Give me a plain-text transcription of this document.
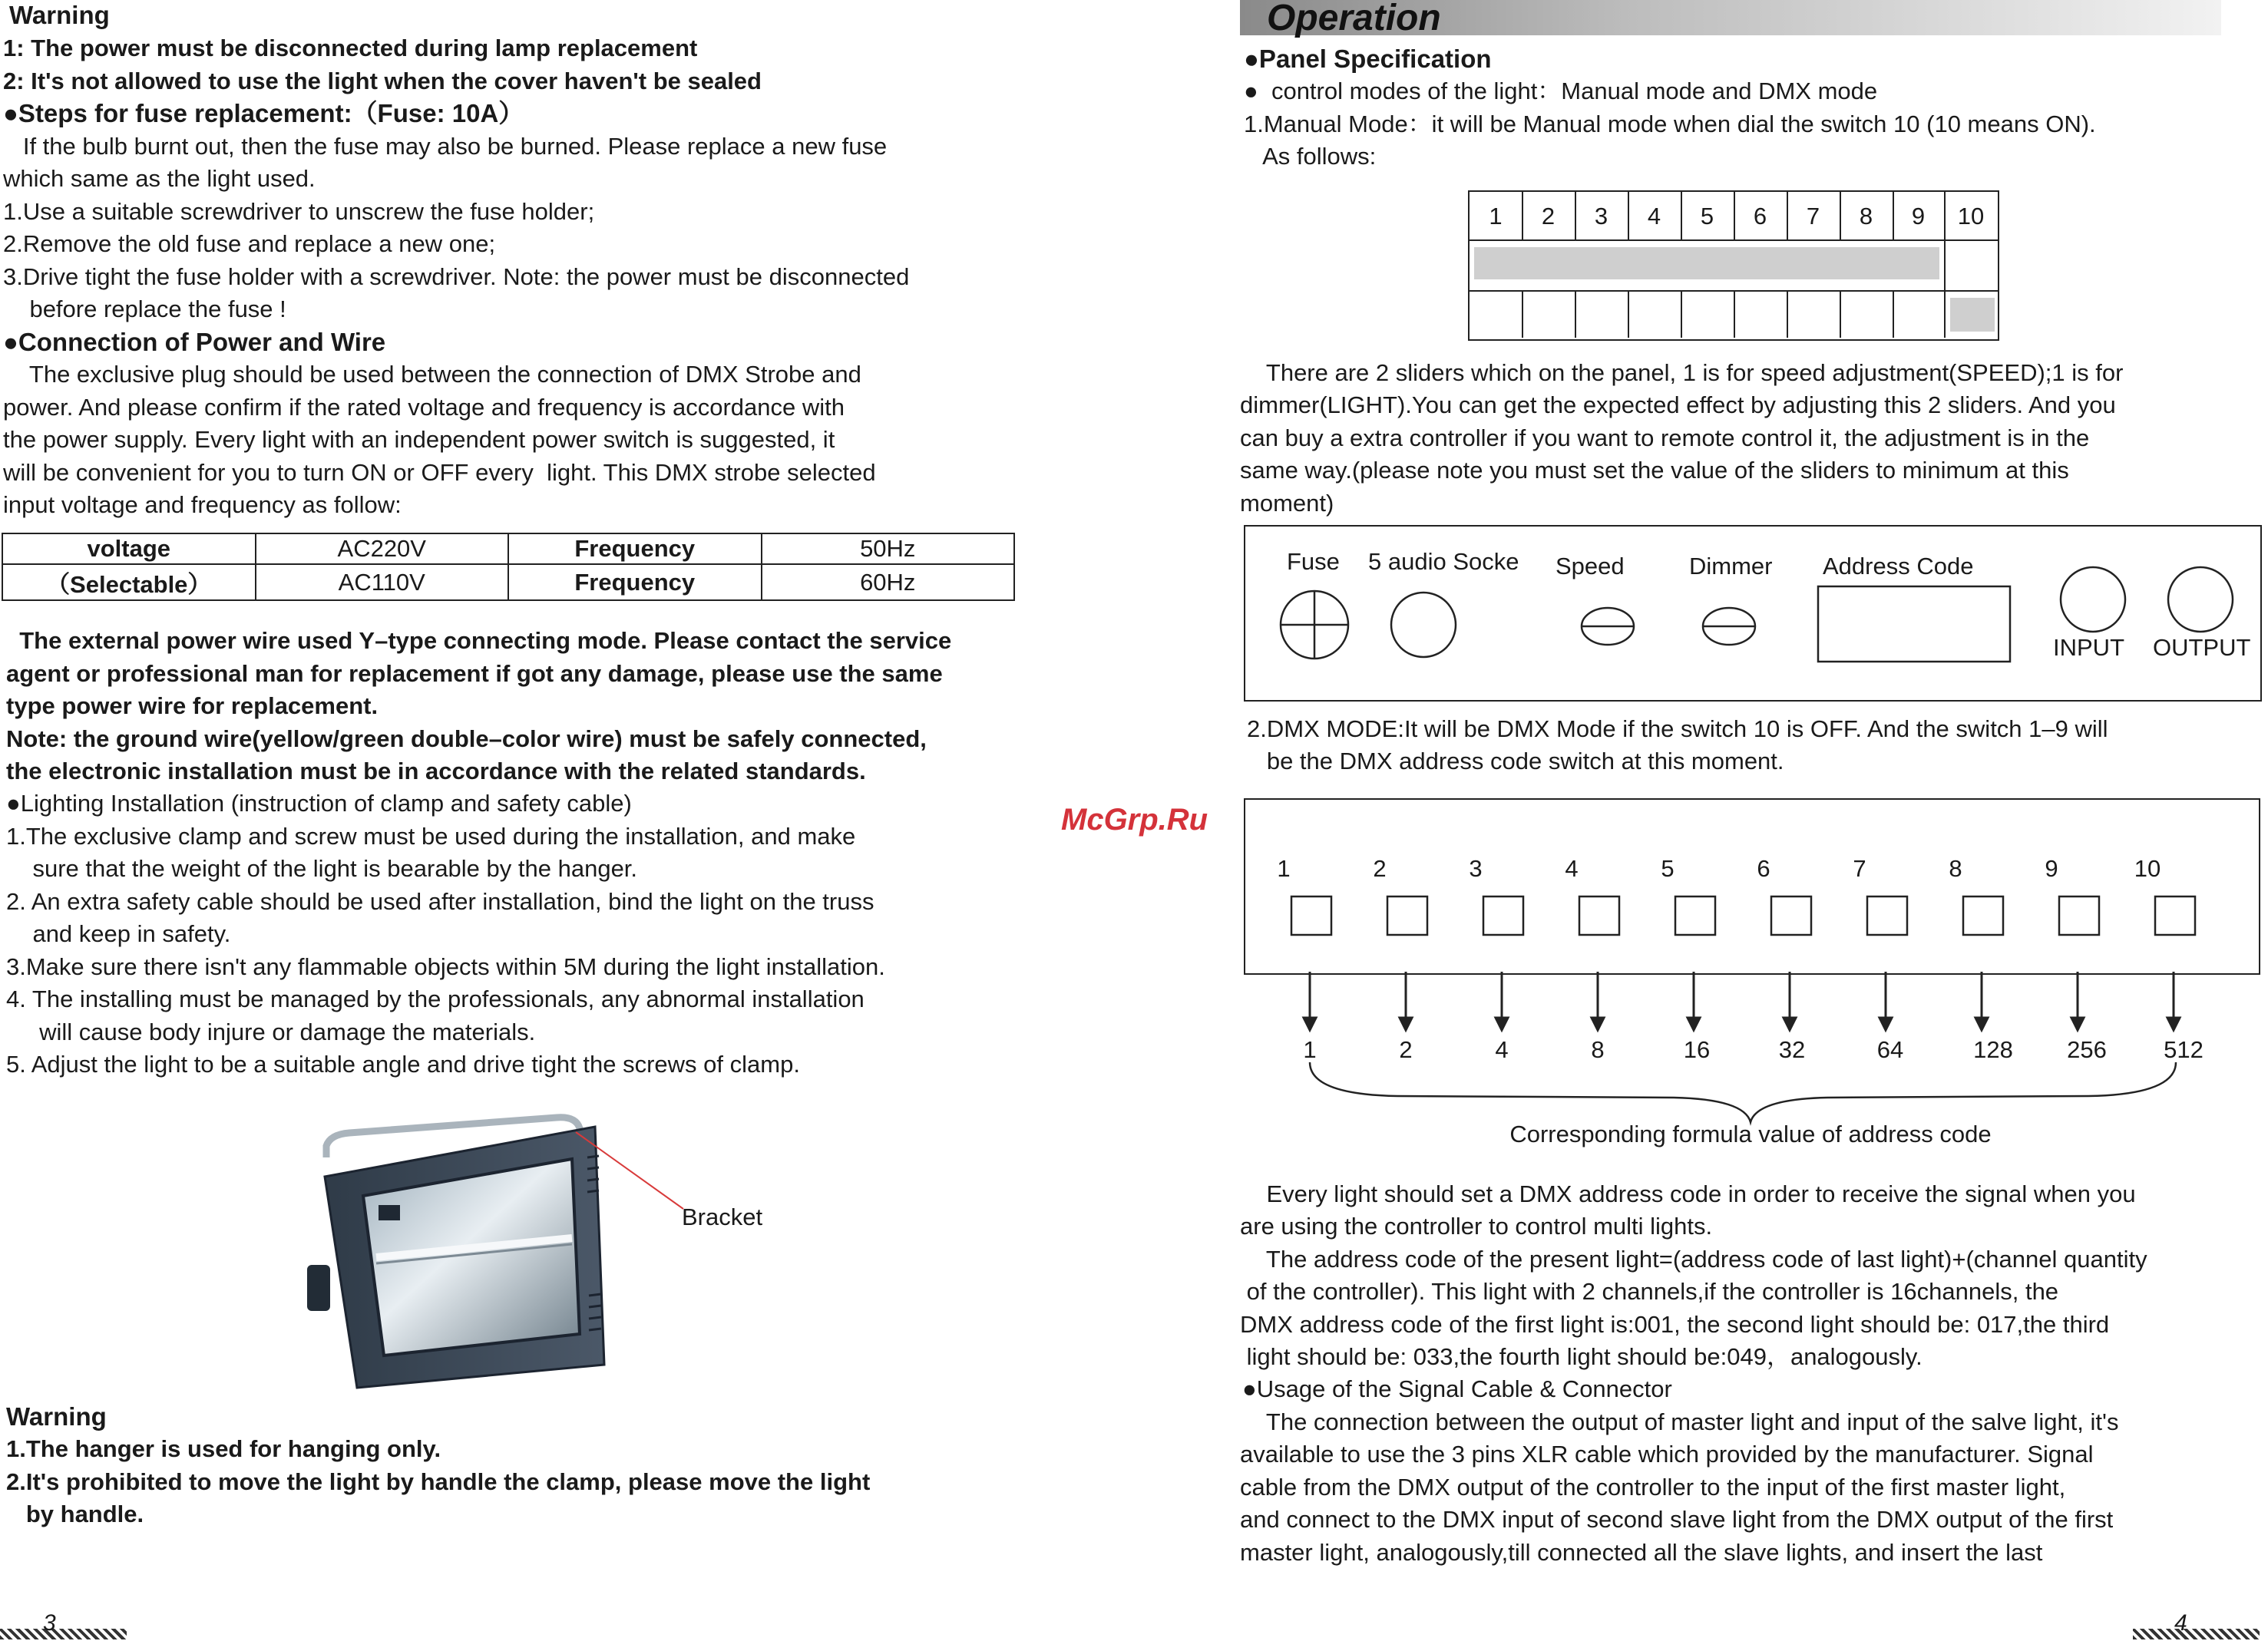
Warning
1: The power must be disconnected during lamp replacement
2: It's not allowed to use the light when the cover haven't be sealed
●Steps for fuse replacement:（Fuse: 10A）
If the bulb burnt out, then the fuse may also be burned. Please replace a new fuse
which same as the light used.
1.Use a suitable screwdriver to unscrew the fuse holder;
2.Remove the old fuse and replace a new one;
3.Drive tight the fuse holder with a screwdriver. Note: the power must be disconnected
before replace the fuse !
●Connection of Power and Wire
The exclusive plug should be used between the connection of DMX Strobe and
power. And please confirm if the rated voltage and frequency is accordance with
the power supply. Every light with an independent power switch is suggested, it
will be convenient for you to turn ON or OFF every  light. This DMX strobe selected
input voltage and frequency as follow:
voltage	AC220V	Frequency	50Hz
（Selectable）	AC110V	Frequency	60Hz
The external power wire used Y–type connecting mode. Please contact the service
agent or professional man for replacement if got any damage, please use the same
type power wire for replacement.
Note: the ground wire(yellow/green double–color wire) must be safely connected,
the electronic installation must be in accordance with the related standards.
●Lighting Installation (instruction of clamp and safety cable)
1.The exclusive clamp and screw must be used during the installation, and make
sure that the weight of the light is bearable by the hanger.
2. An extra safety cable should be used after installation, bind the light on the truss
and keep in safety.
3.Make sure there isn't any flammable objects within 5M during the light installation.
4. The installing must be managed by the professionals, any abnormal installation
will cause body injure or damage the materials.
5. Adjust the light to be a suitable angle and drive tight the screws of clamp.
Bracket
Warning
1.The hanger is used for hanging only.
2.It's prohibited to move the light by handle the clamp, please move the light
by handle.
3
McGrp.Ru
Operation
●Panel Specification
●  control modes of the light：Manual mode and DMX mode
1.Manual Mode：it will be Manual mode when dial the switch 10 (10 means ON).
As follows:
1	2	3	4	5	6	7	8	9	10
There are 2 sliders which on the panel, 1 is for speed adjustment(SPEED);1 is for
dimmer(LIGHT).You can get the expected effect by adjusting this 2 sliders. And you
can buy a extra controller if you want to remote control it, the adjustment is in the
same way.(please note you must set the value of the sliders to minimum at this
moment)
Fuse 5 audio Socke Speed	Dimmer Address Code
INPUT OUTPUT
2.DMX MODE:It will be DMX Mode if the switch 10 is OFF. And the switch 1–9 will
be the DMX address code switch at this moment.
1	2	3	4	5	6	7	8	9	10
1	2	4	8	16	32	64	128	256	512
Corresponding formula value of address code
Every light should set a DMX address code in order to receive the signal when you
are using the controller to control multi lights.
The address code of the present light=(address code of last light)+(channel quantity
of the controller). This light with 2 channels,if the controller is 16channels, the
DMX address code of the first light is:001, the second light should be: 017,the third
light should be: 033,the fourth light should be:049，analogously.
●Usage of the Signal Cable & Connector
The connection between the output of master light and input of the salve light, it's
available to use the 3 pins XLR cable which provided by the manufacturer. Signal
cable from the DMX output of the controller to the input of the first master light,
and connect to the DMX input of second slave light from the DMX output of the first
master light, analogously,till connected all the slave lights, and insert the last
4
